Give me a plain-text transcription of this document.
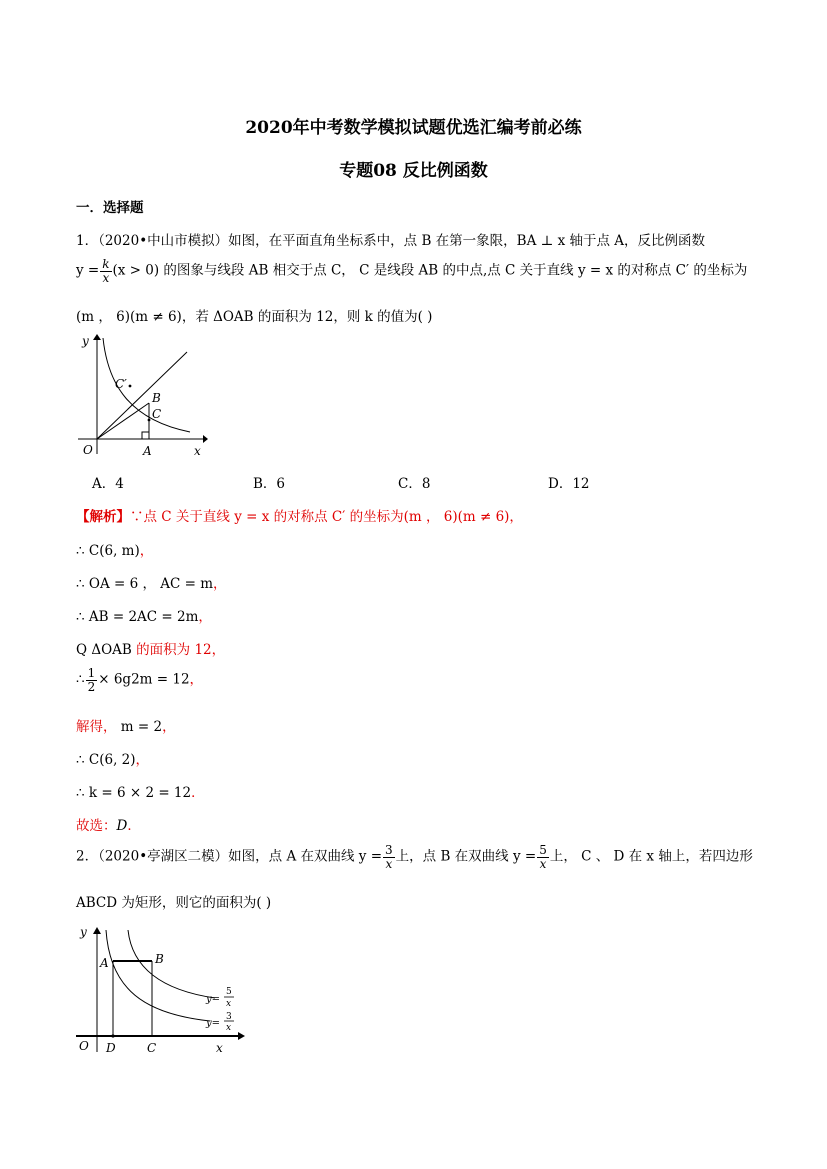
2020年中考数学模拟试题优选汇编考前必练
专题08 反比例函数
一．选择题
1．（2020•中山市模拟）如图，在平面直角坐标系中，点 B 在第一象限，BA ⊥ x 轴于点 A，反比例函数
$y = \frac{k}{x} (x > 0)$ 的图象与线段 AB 相交于点 C， C 是线段 AB 的中点,点 C 关于直线 y = x 的对称点 C′ 的坐标为
(m ， 6)(m ≠ 6)，若 ΔOAB 的面积为 12，则 k 的值为( )
y
x
O	A
B
C
C′
A．4	B．6	C．8	D．12
【解析】∵点 C 关于直线 y = x 的对称点 C′ 的坐标为(m ， 6)(m ≠ 6)，
∴ C(6, m)，
∴ OA = 6 ， AC = m，
∴ AB = 2AC = 2m，
Q ΔOAB 的面积为 12，
∴ $\frac{1}{2} \times 6g2m = 12$，
解得， m = 2，
∴ C(6, 2)，
∴ k = 6 × 2 = 12．
故选：D．
2．（2020•亭湖区二模）如图，点 A 在双曲线 $y = \frac{3}{x}$ 上，点 B 在双曲线 $y = \frac{5}{x}$ 上， C 、 D 在 x 轴上，若四边形
ABCD 为矩形，则它的面积为( )
y
x
O
A	B
C
D
y=
5
x
y=
3
x
